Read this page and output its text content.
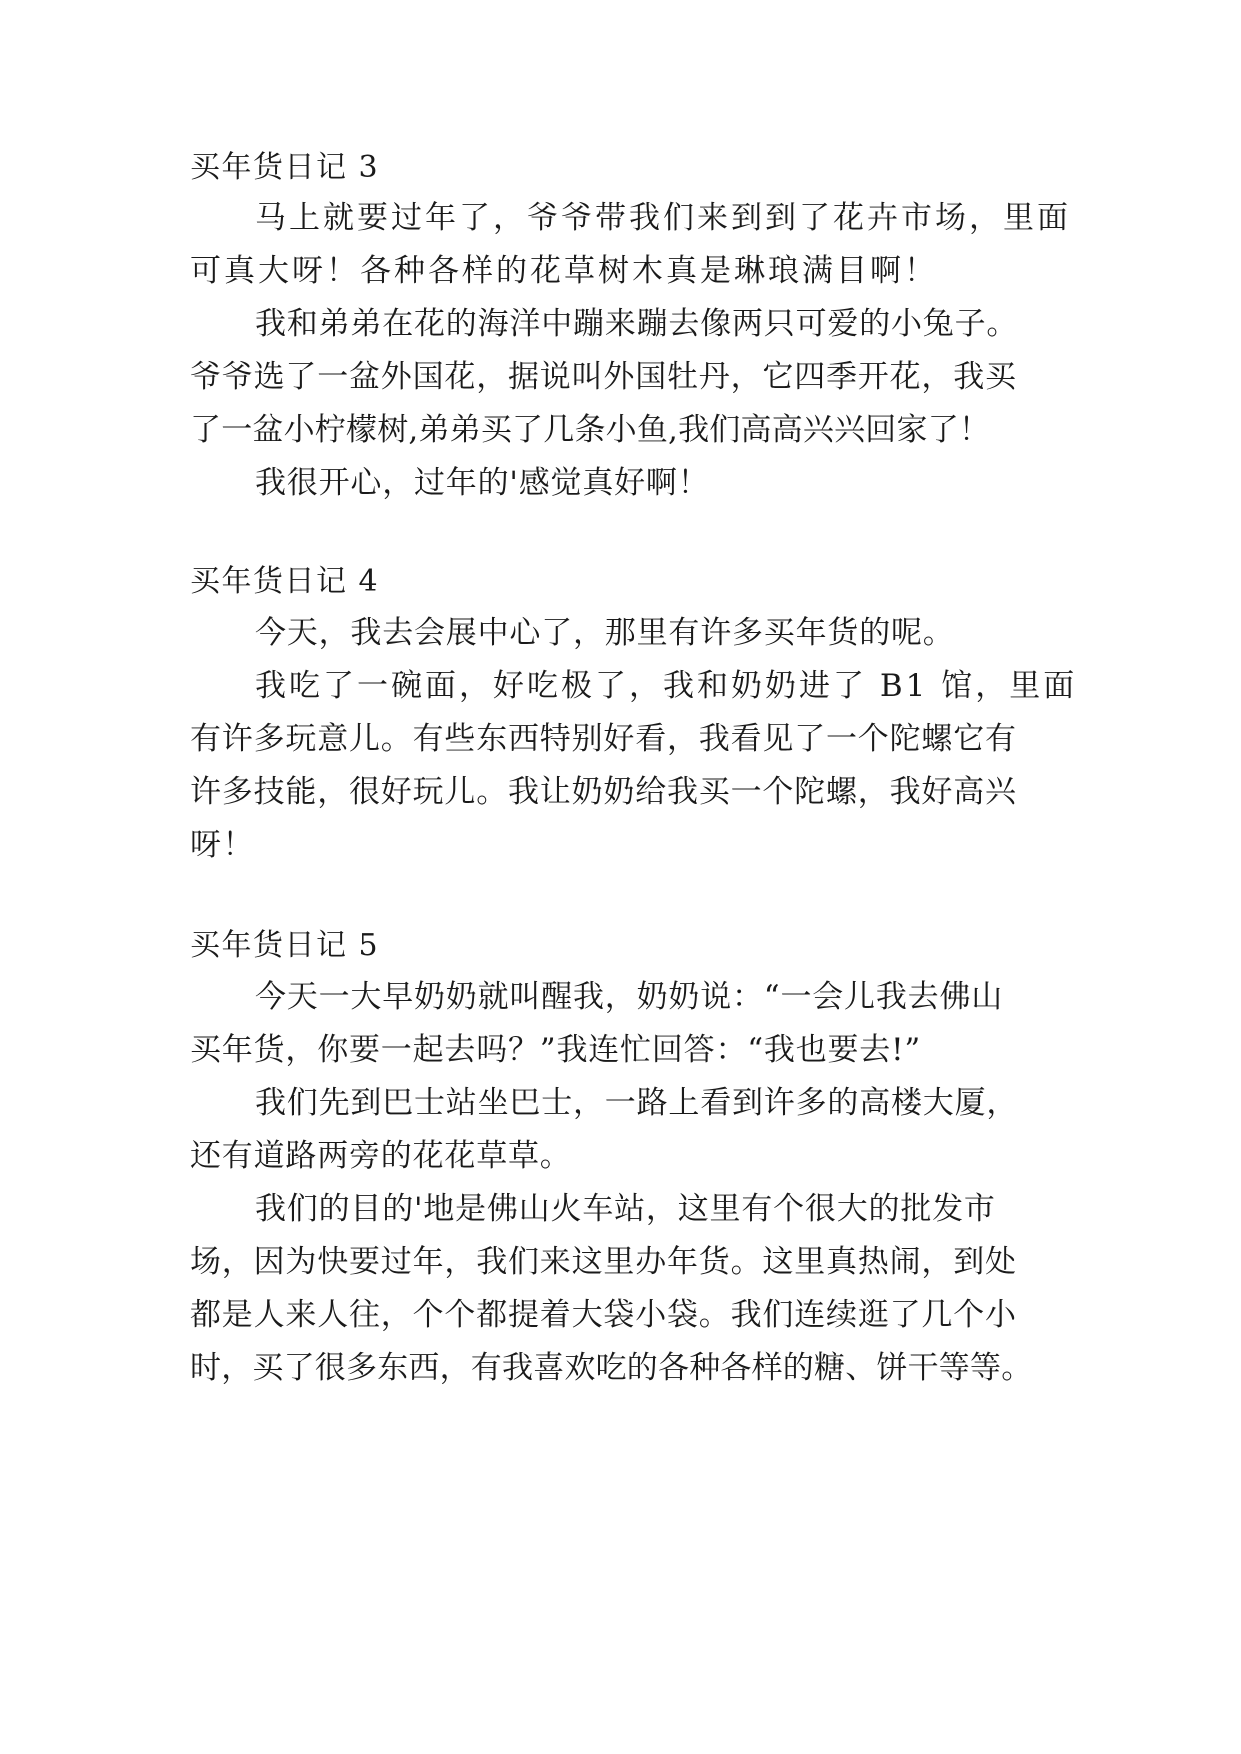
买年货日记 3
马上就要过年了，爷爷带我们来到到了花卉市场，里面
可真大呀！各种各样的花草树木真是琳琅满目啊！
我和弟弟在花的海洋中蹦来蹦去像两只可爱的小兔子。
爷爷选了一盆外国花，据说叫外国牡丹，它四季开花，我买
了一盆小柠檬树,弟弟买了几条小鱼,我们高高兴兴回家了！
我很开心，过年的'感觉真好啊！
买年货日记 4
今天，我去会展中心了，那里有许多买年货的呢。
我吃了一碗面，好吃极了，我和奶奶进了 B1 馆，里面
有许多玩意儿。有些东西特别好看，我看见了一个陀螺它有
许多技能，很好玩儿。我让奶奶给我买一个陀螺，我好高兴
呀！
买年货日记 5
今天一大早奶奶就叫醒我，奶奶说：“一会儿我去佛山
买年货，你要一起去吗？”我连忙回答：“我也要去!”
我们先到巴士站坐巴士，一路上看到许多的高楼大厦，
还有道路两旁的花花草草。
我们的目的'地是佛山火车站，这里有个很大的批发市
场，因为快要过年，我们来这里办年货。这里真热闹，到处
都是人来人往，个个都提着大袋小袋。我们连续逛了几个小
时，买了很多东西，有我喜欢吃的各种各样的糖、饼干等等。
